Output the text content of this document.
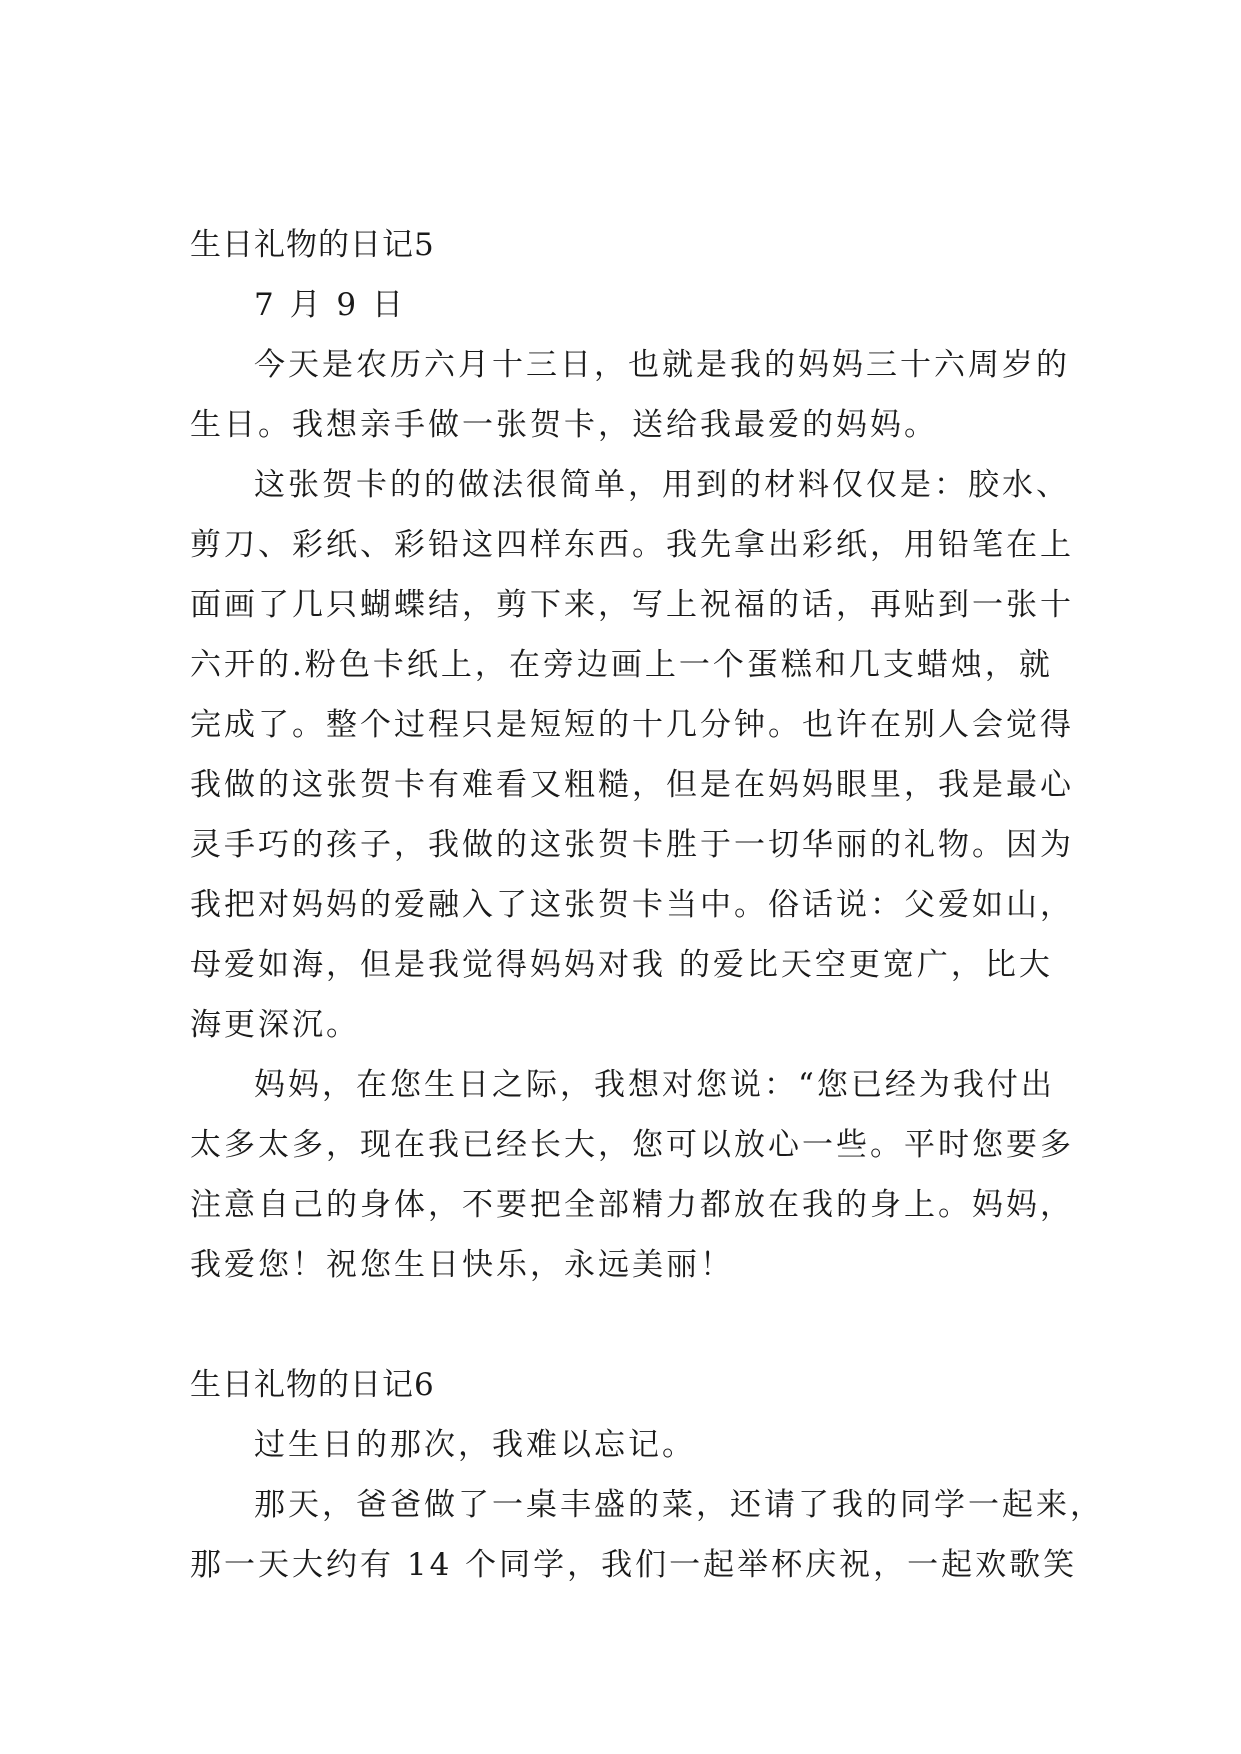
生日礼物的日记5
7 月 9 日
今天是农历六月十三日，也就是我的妈妈三十六周岁的
生日。我想亲手做一张贺卡，送给我最爱的妈妈。
这张贺卡的的做法很简单，用到的材料仅仅是：胶水、
剪刀、彩纸、彩铅这四样东西。我先拿出彩纸，用铅笔在上
面画了几只蝴蝶结，剪下来，写上祝福的话，再贴到一张十
六开的.粉色卡纸上，在旁边画上一个蛋糕和几支蜡烛，就
完成了。整个过程只是短短的十几分钟。也许在别人会觉得
我做的这张贺卡有难看又粗糙，但是在妈妈眼里，我是最心
灵手巧的孩子，我做的这张贺卡胜于一切华丽的礼物。因为
我把对妈妈的爱融入了这张贺卡当中。俗话说：父爱如山，
母爱如海，但是我觉得妈妈对我 的爱比天空更宽广，比大
海更深沉。
妈妈，在您生日之际，我想对您说：“您已经为我付出
太多太多，现在我已经长大，您可以放心一些。平时您要多
注意自己的身体，不要把全部精力都放在我的身上。妈妈，
我爱您！祝您生日快乐，永远美丽！
生日礼物的日记6
过生日的那次，我难以忘记。
那天，爸爸做了一桌丰盛的菜，还请了我的同学一起来，
那一天大约有 14 个同学，我们一起举杯庆祝，一起欢歌笑
